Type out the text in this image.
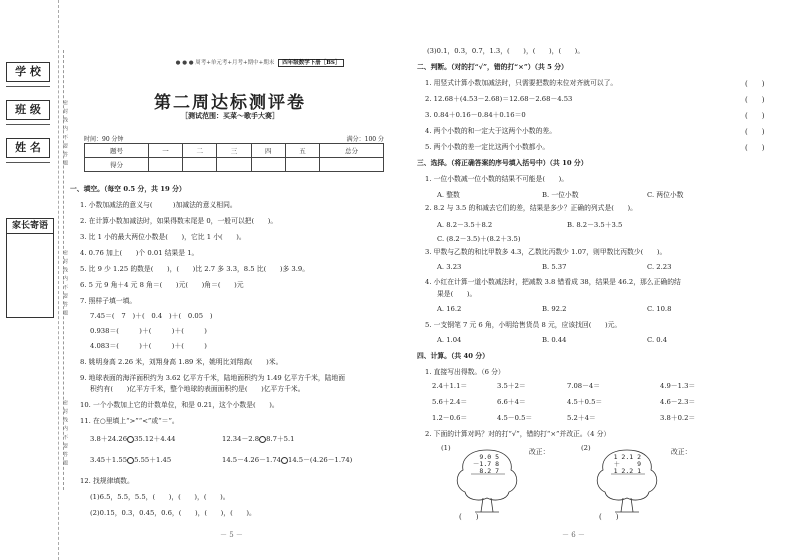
学 校
班 级
姓 名
家长寄语
密 封 线 内 不 要 答 题
密 封 线 内 不 要 答 题
密 封 线 内 不 要 答 题
● ● ● 周考+单元考+月考+期中+期末 四年级数学下册［BS］
第二周达标测评卷
［测试范围：买菜～歌手大赛］
时间：90 分钟	满分：100 分
题号	一	二	三	四	五	总分
得分						
一、填空。（每空 0.5 分，共 19 分）
1. 小数加减法的意义与(　　　)加减法的意义相同。
2. 在计算小数加减法时，如果得数末尾是 0，一般可以把(　　)。
3. 比 1 小的最大两位小数是(　　)，它比 1 小(　　)。
4. 0.76 加上(　　)个 0.01 结果是 1。
5. 比 9 少 1.25 的数是(　　)，(　　)比 2.7 多 3.3，8.5 比(　　)多 3.9。
6. 5 元 9 角＋4 元 8 角＝(　　)元(　　)角＝(　　)元
7. 照样子填一填。
7.45＝(　7　)＋(　0.4　)＋(　0.05　)
0.938＝(　　　)＋(　　　)＋(　　　)
4.083＝(　　　)＋(　　　)＋(　　　)
8. 姚明身高 2.26 米，刘翔身高 1.89 米，姚明比刘翔高(　　)米。
9. 地球表面的海洋面积约为 3.62 亿平方千米，陆地面积约为 1.49 亿平方千米，陆地面
积约有(　　)亿平方千米，整个地球的表面面积约是(　　)亿平方千米。
10. 一个小数加上它的计数单位，和是 0.21，这个小数是(　　)。
11. 在○里填上“>”“<”或“＝”。
3.8＋24.26 35.12＋4.44	12.34－2.8 8.7＋5.1
3.45＋1.55 5.55＋1.45	14.5－4.26－1.74 14.5－(4.26－1.74)
12. 找规律填数。
(1)6.5，5.5，5.5，(　　)，(　　)，(　　)。
(2)0.15，0.3，0.45，0.6，(　　)，(　　)，(　　)。
－ 5 －
(3)0.1，0.3，0.7，1.3，(　　)，(　　)，(　　)。
二、判断。（对的打“√”，错的打“×”）（共 5 分）
1. 用竖式计算小数加减法时，只需要把数的末位对齐就可以了。	(　　)
2. 12.68＋(4.53－2.68)＝12.68－2.68－4.53	(　　)
3. 0.84＋0.16－0.84＋0.16＝0	(　　)
4. 两个小数的和一定大于这两个小数的差。	(　　)
5. 两个小数的差一定比这两个小数都小。	(　　)
三、选择。（将正确答案的序号填入括号中）（共 10 分）
1. 一位小数减一位小数的结果不可能是(　　)。
A. 整数	B. 一位小数	C. 两位小数
2. 8.2 与 3.5 的和减去它们的差，结果是多少？正确的列式是(　　)。
A. 8.2－3.5＋8.2	B. 8.2－3.5＋3.5
C. (8.2－3.5)＋(8.2＋3.5)
3. 甲数与乙数的和比甲数多 4.3，乙数比丙数少 1.07，则甲数比丙数少(　　)。
A. 3.23	B. 5.37	C. 2.23
4. 小红在计算一道小数减法时，把减数 3.8 错看成 38，结果是 46.2，那么正确的结
果是(　　)。
A. 16.2	B. 92.2	C. 10.8
5. 一支钢笔 7 元 6 角，小明给售货员 8 元，应该找回(　　)元。
A. 1.04	B. 0.44	C. 0.4
四、计算。（共 40 分）
1. 直接写出得数。（6 分）
2. 下面的计算对吗？对的打“√”，错的打“×”并改正。（4 分）
(1)
9.0 5
－1.7 8
8.2 7
改正：
(　　)
(2)
1 2.1 2
＋　　 9
1 2.2 1
改正：
(　　)
－ 6 －
2.4＋1.1＝	3.5＋2＝	7.08－4＝	4.9－1.3＝
5.6＋2.4＝	6.6＋4＝	4.5＋0.5＝	4.6－2.3＝
1.2－0.6＝	4.5－0.5＝	5.2＋4＝	3.8＋0.2＝
